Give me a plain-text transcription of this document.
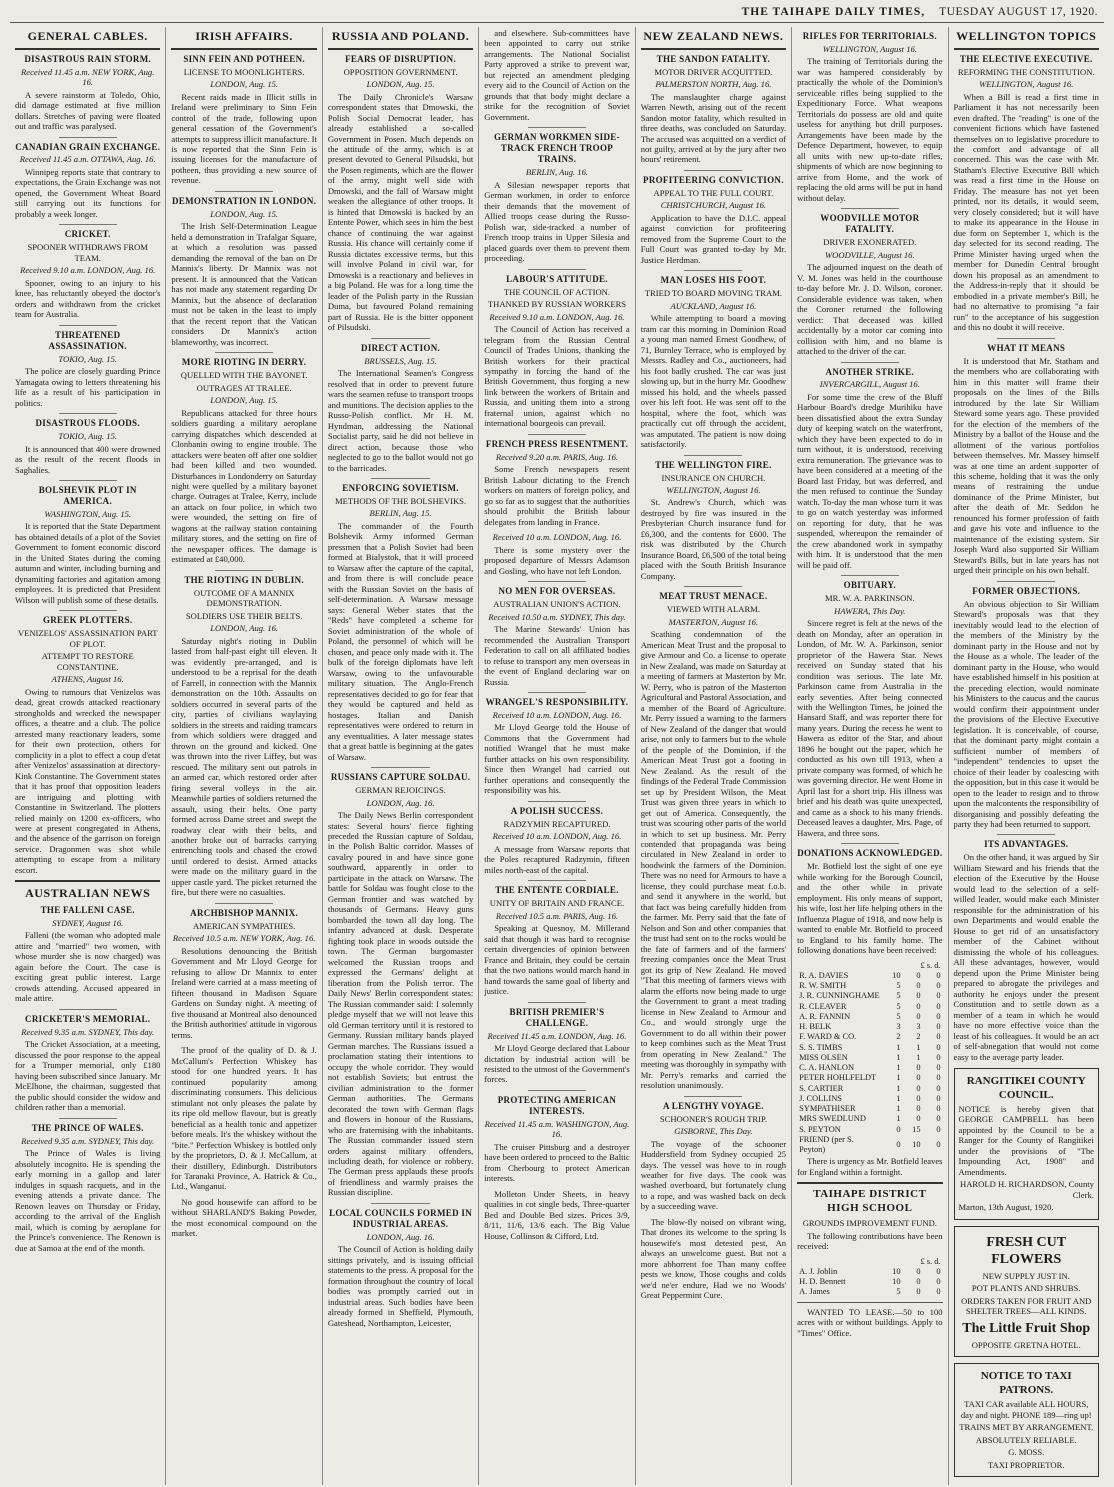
THE TAIHAPE DAILY TIMES, TUESDAY AUGUST 17, 1920.
GENERAL CABLES.
DISASTROUS RAIN STORM.
Received 11.45 a.m. NEW YORK, Aug. 16.

A severe rainstorm at Toledo, Ohio, did damage estimated at five million dollars. Stretches of paving were floated out and traffic was paralysed.

CANADIAN GRAIN EXCHANGE.
Received 11.45 a.m. OTTAWA, Aug. 16.

Winnipeg reports state that contrary to expectations, the Grain Exchange was not opened, the Government Wheat Board still carrying out its functions for probably a week longer.

CRICKET.
SPOONER WITHDRAWS FROM TEAM.
Received 9.10 a.m. LONDON, Aug. 16.

Spooner, owing to an injury to his knee, has reluctantly obeyed the doctor's orders and withdrawn from the cricket team for Australia.

THREATENED ASSASSINATION.
TOKIO, Aug. 15.

The police are closely guarding Prince Yamagata owing to letters threatening his life as a result of his participation in politics.

DISASTROUS FLOODS.
TOKIO, Aug. 15.

It is announced that 400 were drowned as the result of the recent floods in Saghalies.

BOLSHEVIK PLOT IN AMERICA.
WASHINGTON, Aug. 15.

It is reported that the State Department has obtained details of a plot of the Soviet Government to foment economic discord in the United States during the coming autumn and winter, including burning and dynamiting factories and agitation among employees. It is predicted that President Wilson will publish some of these details.

GREEK PLOTTERS.
VENIZELOS' ASSASSINATION PART OF PLOT.
ATTEMPT TO RESTORE CONSTANTINE.
ATHENS, August 16.

Owing to rumours that Venizelos was dead, great crowds attacked reactionary strongholds and wrecked the newspaper offices, a theatre and a club. The police arrested many reactionary leaders, some for their own protection, others for complicity in a plot to effect a coup d'etat after Venizelos' assassination at directory-Kink Constantine. The Government states that it has proof that opposition leaders are intriguing and plotting with Constantine in Switzerland. The plotters relied mainly on 1200 ex-officers, who were at present congregated in Athens, and the absence of the garrison on foreign service. Dragonmen was shot while attempting to escape from a military escort.

AUSTRALIAN NEWS
THE FALLENI CASE.
SYDNEY, August 16.

Falleni (the woman who adopted male attire and "married" two women, with whose murder she is now charged) was again before the Court. The case is exciting great public interest. Large crowds attending. Accused appeared in male attire.

CRICKETER'S MEMORIAL.
Received 9.35 a.m. SYDNEY, This day.

The Cricket Association, at a meeting, discussed the poor response to the appeal for a Trumper memorial, only £180 having been subscribed since January. Mr McElhone, the chairman, suggested that the public should consider the widow and children rather than a memorial.

THE PRINCE OF WALES.
Received 9.35 a.m. SYDNEY, This day.

The Prince of Wales is living absolutely incognito. He is spending the early morning in a gallop and later indulges in squash racquets, and in the evening attends a private dance. The Renown leaves on Thursday or Friday, according to the arrival of the English mail, which is coming by aeroplane for the Prince's convenience. The Renown is due at Samoa at the end of the month.

IRISH AFFAIRS.
SINN FEIN AND POTHEEN.
LICENSE TO MOONLIGHTERS.
LONDON, Aug. 15.

Recent raids made in Illicit stills in Ireland were preliminary to Sinn Fein control of the trade, following upon general cessation of the Government's attempts to suppress illicit manufacture. It is now reported that the Sinn Fein is issuing licenses for the manufacture of potheen, thus providing a new source of revenue.

DEMONSTRATION IN LONDON.
LONDON, Aug. 15.

The Irish Self-Determination League held a demonstration in Trafalgar Square, at which a resolution was passed demanding the removal of the ban on Dr Mannix's liberty. Dr Mannix was not present. It is announced that the Vatican has not made any statement regarding Dr Mannix, but the absence of declaration must not be taken in the least to imply that the recent report that the Vatican considers Dr Mannix's action blameworthy, was incorrect.

MORE RIOTING IN DERRY.
QUELLED WITH THE BAYONET.
OUTRAGES AT TRALEE.
LONDON, Aug. 15.

Republicans attacked for three hours soldiers guarding a military aeroplane carrying dispatches which descended at Clonbanin owing to engine trouble. The attackers were beaten off after one soldier had been killed and two wounded. Disturbances in Londonderry on Saturday night were quelled by a military bayonet charge. Outrages at Tralee, Kerry, include an attack on four police, in which two were wounded, the setting on fire of wagons at the railway station containing military stores, and the setting on fire of the newspaper offices. The damage is estimated at £40,000.

THE RIOTING IN DUBLIN.
OUTCOME OF A MANNIX DEMONSTRATION.
SOLDIERS USE THEIR BELTS.
LONDON, Aug. 16.

Saturday night's rioting in Dublin lasted from half-past eight till eleven. It was evidently pre-arranged, and is understood to be a reprisal for the death of Farrell, in connection with the Mannix demonstration on the 10th. Assaults on soldiers occurred in several parts of the city, parties of civilians waylaying soldiers in the streets and raiding tramcars from which soldiers were dragged and thrown on the ground and kicked. One was thrown into the river Liffey, but was rescued. The military sent out patrols in an armed car, which restored order after firing several volleys in the air. Meanwhile parties of soldiers returned the assault, using their belts. One party formed across Dame street and swept the roadway clear with their belts, and another broke out of barracks carrying entrenching tools and chased the crowd until ordered to desist. Armed attacks were made on the military guard in the upper castle yard. The picket returned the fire, but there were no casualties.

ARCHBISHOP MANNIX.
AMERICAN SYMPATHIES.
Received 10.5 a.m. NEW YORK, Aug. 16.

Resolutions denouncing the British Government and Mr Lloyd George for refusing to allow Dr Mannix to enter Ireland were carried at a mass meeting of fifteen thousand in Madison Square Gardens on Sunday night. A meeting of five thousand at Montreal also denounced the British authorities' attitude in vigorous terms.

The proof of the quality of D. & J. McCallum's Perfection Whiskey has stood for one hundred years. It has continued popularity among discriminating consumers. This delicious stimulant not only pleases the palate by its ripe old mellow flavour, but is greatly beneficial as a health tonic and appetizer before meals. It's the whiskey without the "bite." Perfection Whiskey is bottled only by the proprietors, D. & J. McCallum, at their distillery, Edinburgh. Distributors for Taranaki Province, A. Hatrick & Co., Ltd., Wanganui.

No good housewife can afford to be without SHARLAND'S Baking Powder, the most economical compound on the market.

RUSSIA AND POLAND.
FEARS OF DISRUPTION.
OPPOSITION GOVERNMENT.
LONDON, Aug. 15.

The Daily Chronicle's Warsaw correspondent states that Dmowski, the Polish Social Democrat leader, has already established a so-called Government in Posen. Much depends on the attitude of the army, which is at present devoted to General Pilsudski, but the Posen regiments, which are the flower of the army, might well side with Dmowski, and the fall of Warsaw might weaken the allegiance of other troops. It is hinted that Dmowski is backed by an Entente Power, which sees in him the best chance of continuing the war against Russia. His chance will certainly come if Russia dictates excessive terms, but this will involve Poland in civil war, for Dmowski is a reactionary and believes in a big Poland. He was for a long time the leader of the Polish party in the Russian Duma, but favoured Poland remaining part of Russia. He is the bitter opponent of Pilsudski.

DIRECT ACTION.
BRUSSELS, Aug. 15.

The International Seamen's Congress resolved that in order to prevent future wars the seamen refuse to transport troops and munitions. The decision applies to the Russo-Polish conflict. Mr H. M. Hyndman, addressing the National Socialist party, said he did not believe in direct action, because those who neglected to go to the ballot would not go to the barricades.

ENFORCING SOVIETISM.
METHODS OF THE BOLSHEVIKS.
BERLIN, Aug. 15.

The commander of the Fourth Bolshevik Army informed German pressmen that a Polish Soviet had been formed at Bialystok, that it will proceed to Warsaw after the capture of the capital, and from there is will conclude peace with the Russian Soviet on the basis of self-determination. A Warsaw message says: General Weber states that the "Reds" have completed a scheme for Soviet administration of the whole of Poland, the personnel of which will be chosen, and peace only made with it. The bulk of the foreign diplomats have left Warsaw, owing to the unfavourable military situation. The Anglo-French representatives decided to go for fear that they would be captured and held as hostages. Italian and Danish representatives were ordered to return in any eventualities. A later message states that a great battle is beginning at the gates of Warsaw.

RUSSIANS CAPTURE SOLDAU.
GERMAN REJOICINGS.
LONDON, Aug. 16.

The Daily News Berlin correspondent states: Several hours' fierce fighting preceded the Russian capture of Soldau, in the Polish Baltic corridor. Masses of cavalry poured in and have since gone southward, apparently in order to participate in the attack on Warsaw. The battle for Soldau was fought close to the German frontier and was watched by thousands of Germans. Heavy guns bombarded the town all day long. The infantry advanced at dusk. Desperate fighting took place in woods outside the town. The German burgomaster welcomed the Russian troops and expressed the Germans' delight at liberation from the Polish terror. The Daily News' Berlin correspondent states: The Russian commander said: I solemnly pledge myself that we will not leave this old German territory until it is restored to Germany. Russian military bands played German marches. The Russians issued a proclamation stating their intentions to occupy the whole corridor. They would not establish Soviets; but entrust the civilian administration to the former German authorities. The Germans decorated the town with German flags and flowers in honour of the Russians, who are fraternising with the inhabitants. The Russian commander issued stern orders against military offenders, including death, for violence or robbery. The German press applauds these proofs of friendliness and warmly praises the Russian discipline.

LOCAL COUNCILS FORMED IN INDUSTRIAL AREAS.
LONDON, Aug. 16.

The Council of Action is holding daily sittings privately, and is issuing official statements to the press. A proposal for the formation throughout the country of local bodies was promptly carried out in industrial areas. Such bodies have been already formed in Sheffield, Plymouth, Gateshead, Northampton, Leicester,

and elsewhere. Sub-committees have been appointed to carry out strike arrangements. The National Socialist Party approved a strike to prevent war, but rejected an amendment pledging every aid to the Council of Action on the grounds that that body might declare a strike for the recognition of Soviet Government.

GERMAN WORKMEN SIDE-TRACK FRENCH TROOP TRAINS.
BERLIN, Aug. 16.

A Silesian newspaper reports that German workmen, in order to enforce their demands that the movement of Allied troops cease during the Russo-Polish war, side-tracked a number of French troop trains in Upper Silesia and placed guards over them to prevent them proceeding.

LABOUR'S ATTITUDE.
THE COUNCIL OF ACTION.
THANKED BY RUSSIAN WORKERS
Received 9.10 a.m. LONDON, Aug. 16.

The Council of Action has received a telegram from the Russian Central Council of Trades Unions, thanking the British workers for their practical sympathy in forcing the hand of the British Government, thus forging a new link between the workers of Britain and Russia, and uniting them into a strong fraternal union, against which no international bourgeois can prevail.

FRENCH PRESS RESENTMENT.
Received 9.20 a.m. PARIS, Aug. 16.

Some French newspapers resent British Labour dictating to the French workers on matters of foreign policy, and go so far as to suggest that the authorities should prohibit the British labour delegates from landing in France.

Received 10 a.m. LONDON, Aug. 16.

There is some mystery over the proposed departure of Messrs Adamson and Gosling, who have not left London.

NO MEN FOR OVERSEAS.
AUSTRALIAN UNION'S ACTION.
Received 10.50 a.m. SYDNEY, This day.

The Marine Stewards' Union has recommended the Australian Transport Federation to call on all affiliated bodies to refuse to transport any men overseas in the event of England declaring war on Russia.

WRANGEL'S RESPONSIBILITY.
Received 10 a.m. LONDON, Aug. 16.

Mr Lloyd George told the House of Commons that the Government had notified Wrangel that he must make further attacks on his own responsibility. Since then Wrangel had carried out further operations and consequently the responsibility was his.

A POLISH SUCCESS.
RADZYMIN RECAPTURED.
Received 10 a.m. LONDON, Aug. 16.

A message from Warsaw reports that the Poles recaptured Radzymin, fifteen miles north-east of the capital.

THE ENTENTE CORDIALE.
UNITY OF BRITAIN AND FRANCE.
Received 10.5 a.m. PARIS, Aug. 16.

Speaking at Quesnoy, M. Millerand said that though it was hard to recognise certain divergencies of opinion between France and Britain, they could be certain that the two nations would march hand in hand towards the same goal of liberty and justice.

BRITISH PREMIER'S CHALLENGE.
Received 11.45 a.m. LONDON, Aug. 16.

Mr Lloyd George declared that Labour dictation by industrial action will be resisted to the utmost of the Government's forces.

PROTECTING AMERICAN INTERESTS.
Received 11.45 a.m. WASHINGTON, Aug. 16.

The cruiser Pittsburg and a destroyer have been ordered to proceed to the Baltic from Cherbourg to protect American interests.

Molleton Under Sheets, in heavy qualities in cot single beds, Three-quarter Bed and Double Bed sizes. Prices 3/9, 8/11, 11/6, 13/6 each. The Big Value House, Collinson & Cifford, Ltd.

NEW ZEALAND NEWS.
THE SANDON FATALITY.
MOTOR DRIVER ACQUITTED.
PALMERSTON NORTH, Aug. 16.

The manslaughter charge against Warren Newth, arising out of the recent Sandon motor fatality, which resulted in three deaths, was concluded on Saturday. The accused was acquitted on a verdict of not guilty, arrived at by the jury after two hours' retirement.

PROFITEERING CONVICTION.
APPEAL TO THE FULL COURT.
CHRISTCHURCH, August 16.

Application to have the D.I.C. appeal against conviction for profiteering removed from the Supreme Court to the Full Court was granted to-day by Mr. Justice Herdman.

MAN LOSES HIS FOOT.
TRIED TO BOARD MOVING TRAM.
AUCKLAND, August 16.

While attempting to board a moving tram car this morning in Dominion Road a young man named Ernest Goodhew, of 71, Burnley Terrace, who is employed by Messrs. Radley and Co., auctioneers, had his foot badly crushed. The car was just slowing up, but in the hurry Mr. Goodhew missed his hold, and the wheels passed over his left foot. He was sent off to the hospital, where the foot, which was practically cut off through the accident, was amputated. The patient is now doing satisfactorily.

THE WELLINGTON FIRE.
INSURANCE ON CHURCH.
WELLINGTON, August 16.

St. Andrew's Church, which was destroyed by fire was insured in the Presbyterian Church insurance fund for £6,300, and the contents for £600. The risk was distributed by the Church Insurance Board, £6,500 of the total being placed with the South British Insurance Company.

MEAT TRUST MENACE.
VIEWED WITH ALARM.
MASTERTON, August 16.

Scathing condemnation of the American Meat Trust and the proposal to give Armour and Co. a license to operate in New Zealand, was made on Saturday at a meeting of farmers at Masterton by Mr. W. Perry, who is patron of the Masterton Agricultural and Pastoral Association, and a member of the Board of Agriculture. Mr. Perry issued a warning to the farmers of New Zealand of the danger that would arise, not only to farmers but to the whole of the people of the Dominion, if the American Meat Trust got a footing in New Zealand. As the result of the findings of the Federal Trade Commission set up by President Wilson, the Meat Trust was given three years in which to get out of America. Consequently, the trust was scouring other parts of the world in which to set up business. Mr. Perry contended that propaganda was being circulated in New Zealand in order to hoodwink the farmers of the Dominion. There was no need for Armours to have a license, they could purchase meat f.o.b. and send it anywhere in the world, but that fact was being carefully hidden from the farmer. Mr. Perry said that the fate of Nelson and Son and other companies that the trust had sent on to the rocks would be the fate of farmers and of the farmers' freezing companies once the Meat Trust got its grip of New Zealand. He moved "That this meeting of farmers views with alarm the efforts now being made to urge the Government to grant a meat trading license in New Zealand to Armour and Co., and would strongly urge the Government to do all within their power to keep combines such as the Meat Trust from operating in New Zealand." The meeting was thoroughly in sympathy with Mr. Perry's remarks and carried the resolution unanimously.

A LENGTHY VOYAGE.
SCHOONER'S ROUGH TRIP.
GISBORNE, This Day.

The voyage of the schooner Huddersfield from Sydney occupied 25 days. The vessel was hove to in rough weather for five days. The cook was washed overboard, but fortunately clung to a rope, and was washed back on deck by a succeeding wave.

The blow-fly noised on vibrant wing, That drones its welcome to the spring Is housewife's most detested pest, An always an unwelcome guest. But not a more abhorrent foe Than many coffee pests we know, Those coughs and colds we'd ne'er endure, Had we no Woods' Great Peppermint Cure.

RIFLES FOR TERRITORIALS.
WELLINGTON, August 16.

The training of Territorials during the war was hampered considerably by practically the whole of the Dominion's serviceable rifles being supplied to the Expeditionary Force. What weapons Territorials do possess are old and quite useless for anything but drill purposes. Arrangements have been made by the Defence Department, however, to equip all units with new up-to-date rifles, shipments of which are now beginning to arrive from Home, and the work of replacing the old arms will be put in hand without delay.

WOODVILLE MOTOR FATALITY.
DRIVER EXONERATED.
WOODVILLE, August 16.

The adjourned inquest on the death of V. M. Jones was held in the courthouse to-day before Mr. J. D. Wilson, coroner. Considerable evidence was taken, when the Coroner returned the following verdict: That deceased was killed accidentally by a motor car coming into collision with him, and no blame is attached to the driver of the car.

ANOTHER STRIKE.
INVERCARGILL, August 16.

For some time the crew of the Bluff Harbour Board's dredge Murihiku have been dissatisfied about the extra Sunday duty of keeping watch on the waterfront, which they have been expected to do in turn without, it is understood, receiving extra remuneration. The grievance was to have been considered at a meeting of the Board last Friday, but was deferred, and the men refused to continue the Sunday watch. To-day the man whose turn it was to go on watch yesterday was informed on reporting for duty, that he was suspended, whereupon the remainder of the crew abandoned work in sympathy with him. It is understood that the men will be paid off.

OBITUARY.
MR. W. A. PARKINSON.
HAWERA, This Day.

Sincere regret is felt at the news of the death on Monday, after an operation in London, of Mr. W. A. Parkinson, senior proprietor of the Hawera Star. News received on Sunday stated that his condition was serious. The late Mr. Parkinson came from Australia in the early seventies. After being connected with the Wellington Times, he joined the Hansard Staff, and was reporter there for many years. During the recess he went to Hawera as editor of the Star, and about 1896 he bought out the paper, which he conducted as his own till 1913, when a private company was formed, of which he was governing director. He went Home in April last for a short trip. His illness was brief and his death was quite unexpected, and came as a shock to his many friends. Deceased leaves a daughter, Mrs. Page, of Hawera, and three sons.

DONATIONS ACKNOWLEDGED.

Mr. Botfield lost the sight of one eye while working for the Borough Council, and the other while in private employment. His only means of support, his wife, lost her life helping others in the Influenza Plague of 1918, and now help is wanted to enable Mr. Botfield to proceed to England to his family home. The following donations have been received:

	£ s. d.		
R. A. DAVIES	10	0	0
R. W. SMITH	5	0	0
J. R. CUNNINGHAME	5	0	0
R. CLEAVER	5	0	0
A. R. FANNIN	5	0	0
H. BELK	3	3	0
F. WARD & CO.	2	2	0
S. S. TIMBS	1	1	0
MISS OLSEN	1	1	0
C. A. HANLON	1	0	0
PETER HOHLFELDT	1	0	0
S. CARTIER	1	0	0
J. COLLINS	1	0	0
SYMPATHISER	1	0	0
MRS SWEDLUND	1	0	0
S. PEYTON	0	15	0
FRIEND (per S. Peyton)	0	10	0

There is urgency as Mr. Botfield leaves for England within a fortnight.

TAIHAPE DISTRICT HIGH SCHOOL
GROUNDS IMPROVEMENT FUND.

The following contributions have been received:

	£ s. d.		
A. J. Joblin	10	0	0
H. D. Bennett	10	0	0
A. James	5	0	0

WANTED TO LEASE.—50 to 100 acres with or without buildings. Apply to "Times" Office.

WELLINGTON TOPICS
THE ELECTIVE EXECUTIVE.
REFORMING THE CONSTITUTION.
WELLINGTON, August 16.

When a Bill is read a first time in Parliament it has not necessarily been even drafted. The "reading" is one of the convenient fictions which have fastened themselves on to legislative procedure to the comfort and advantage of all concerned. This was the case with Mr. Statham's Elective Executive Bill which was read a first time in the House on Friday. The measure has not yet been printed, nor its details, it would seem, very closely considered; but it will have to make its appearance in the House in due form on September 1, which is the day selected for its second reading. The Prime Minister having urged when the member for Dunedin Central brought down his proposal as an amendment to the Address-in-reply that it should be embodied in a private member's Bill, he had no alternative to promising "a fair run" to the acceptance of his suggestion and this no doubt it will receive.

WHAT IT MEANS

It is understood that Mr. Statham and the members who are collaborating with him in this matter will frame their proposals on the lines of the Bills introduced by the late Sir William Steward some years ago. These provided for the election of the members of the Ministry by a ballot of the House and the allotment of the various portfolios between themselves. Mr. Massey himself was at one time an ardent supporter of this scheme, holding that it was the only means of restraining the undue dominance of the Prime Minister, but after the death of Mr. Seddon he renounced his former profession of faith and gave his vote and influence to the maintenance of the existing system. Sir Joseph Ward also supported Sir William Steward's Bills, but in late years has not urged their principle on his own behalf.

FORMER OBJECTIONS.

An obvious objection to Sir William Steward's proposals was that they inevitably would lead to the election of the members of the Ministry by the dominant party in the House and not by the House as a whole. The leader of the dominant party in the House, who would have established himself in his position at the preceding election, would nominate his Ministers to the caucus and the caucus would confirm their appointment under the provisions of the Elective Executive legislation. It is conceivable, of course, that the dominant party might contain a sufficient number of members of "independent" tendencies to upset the choice of their leader by coalescing with the opposition, but in this case it would be open to the leader to resign and to throw upon the malcontents the responsibility of disorganising and possibly defeating the party they had been returned to support.

ITS ADVANTAGES.

On the other hand, it was argued by Sir William Steward and his friends that the election of the Executive by the House would lead to the selection of a self-willed leader, would make each Minister responsible for the administration of his own Departments and would enable the House to get rid of an unsatisfactory member of the Cabinet without dismissing the whole of his colleagues. All these advantages, however, would depend upon the Prime Minister being prepared to abrogate the privileges and authority he enjoys under the present Constitution and to settle down as a member of a team in which he would have no more effective voice than the least of his colleagues. It would be an act of self-abnegation that would not come easy to the average party leader.

RANGITIKEI COUNTY COUNCIL.

NOTICE is hereby given that GEORGE CAMPBELL has been appointed by the Council to be a Ranger for the County of Rangitikei under the provisions of "The Impounding Act, 1908" and Amendments.

HAROLD H. RICHARDSON, County Clerk.

Marton, 13th August, 1920.

FRESH CUT FLOWERS

NEW SUPPLY JUST IN.

POT PLANTS AND SHRUBS.

ORDERS TAKEN FOR FRUIT AND SHELTER TREES—ALL KINDS.

The Little Fruit Shop

OPPOSITE GRETNA HOTEL.

NOTICE TO TAXI PATRONS.

TAXI CAR available ALL HOURS, day and night. PHONE 189—ring up!

TRAINS MET BY ARRANGEMENT.

ABSOLUTELY RELIABLE.

G. MOSS.

TAXI PROPRIETOR.
